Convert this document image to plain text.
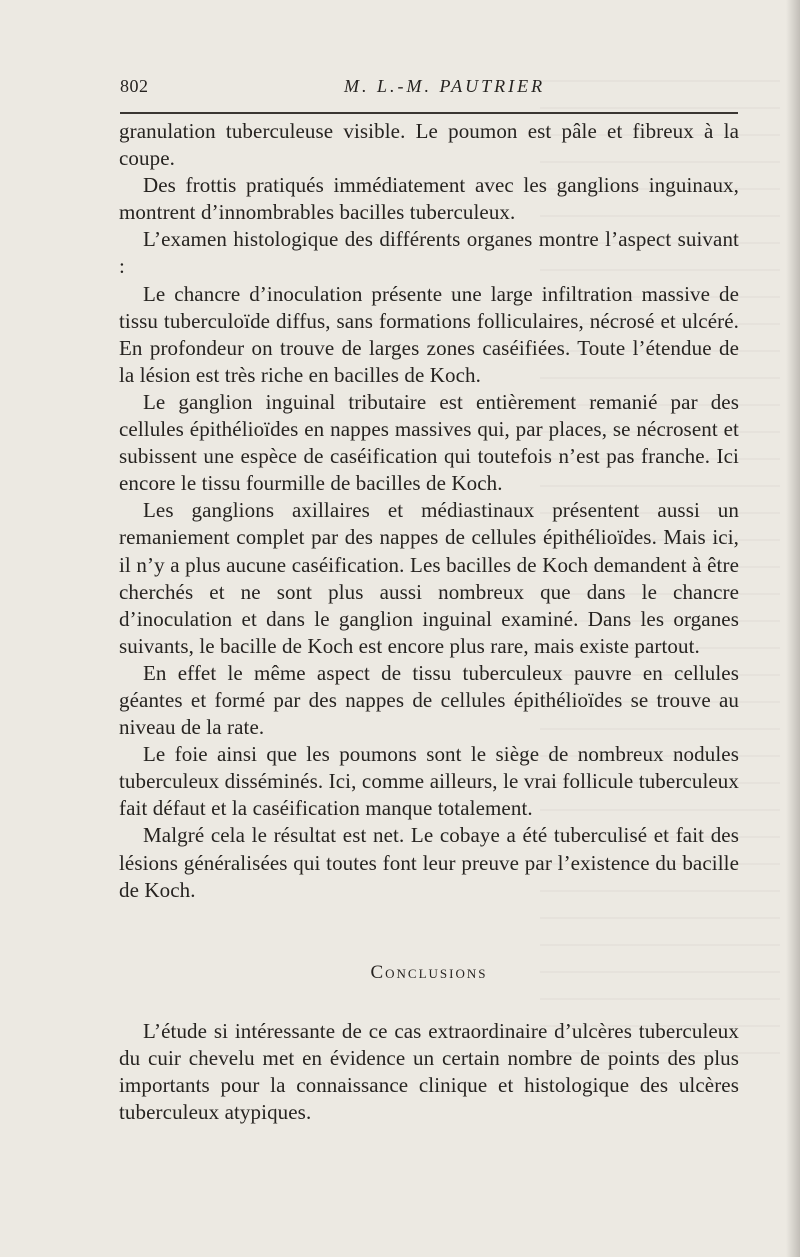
802	M. L.-M. PAUTRIER

granulation tuberculeuse visible. Le poumon est pâle et fibreux à la coupe.

Des frottis pratiqués immédiatement avec les ganglions inguinaux, montrent d’innombrables bacilles tuberculeux.

L’examen histologique des différents organes montre l’aspect suivant :

Le chancre d’inoculation présente une large infiltration massive de tissu tuberculoïde diffus, sans formations folliculaires, nécrosé et ulcéré. En profondeur on trouve de larges zones caséifiées. Toute l’étendue de la lésion est très riche en bacilles de Koch.

Le ganglion inguinal tributaire est entièrement remanié par des cellules épithélioïdes en nappes massives qui, par places, se nécrosent et subissent une espèce de caséification qui toutefois n’est pas franche. Ici encore le tissu fourmille de bacilles de Koch.

Les ganglions axillaires et médiastinaux présentent aussi un remaniement complet par des nappes de cellules épithélioïdes. Mais ici, il n’y a plus aucune caséification. Les bacilles de Koch demandent à être cherchés et ne sont plus aussi nombreux que dans le chancre d’inoculation et dans le ganglion inguinal examiné. Dans les organes suivants, le bacille de Koch est encore plus rare, mais existe partout.

En effet le même aspect de tissu tuberculeux pauvre en cellules géantes et formé par des nappes de cellules épithélioïdes se trouve au niveau de la rate.

Le foie ainsi que les poumons sont le siège de nombreux nodules tuberculeux disséminés. Ici, comme ailleurs, le vrai follicule tuberculeux fait défaut et la caséification manque totalement.

Malgré cela le résultat est net. Le cobaye a été tuberculisé et fait des lésions généralisées qui toutes font leur preuve par l’existence du bacille de Koch.

Conclusions

L’étude si intéressante de ce cas extraordinaire d’ulcères tuberculeux du cuir chevelu met en évidence un certain nombre de points des plus importants pour la connaissance clinique et histologique des ulcères tuberculeux atypiques.
